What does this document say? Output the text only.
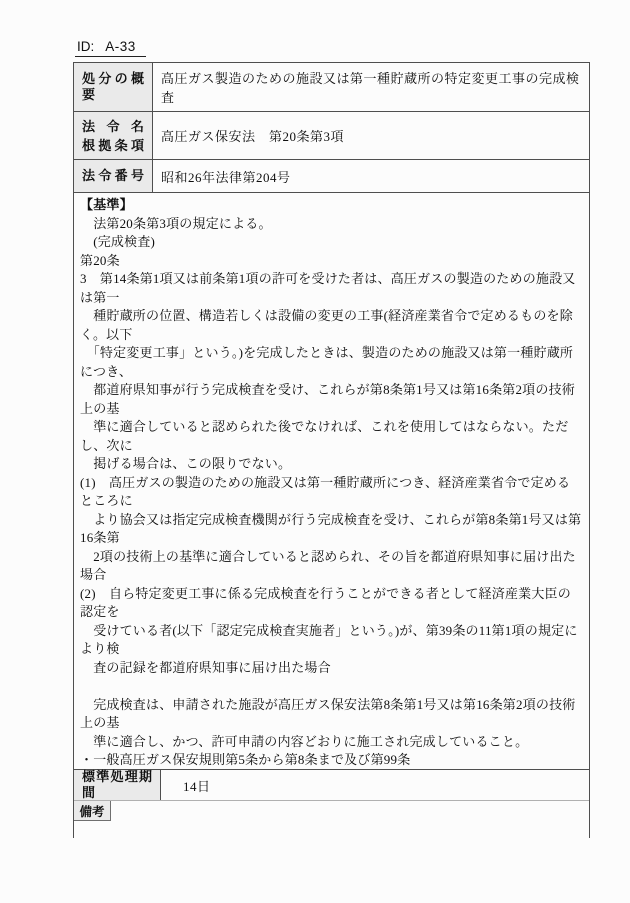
ID: A-33
処分の概要
高圧ガス製造のための施設又は第一種貯蔵所の特定変更工事の完成検査
法令名
根拠条項
高圧ガス保安法　第20条第3項
法令番号	昭和26年法律第204号
【基準】
　法第20条第3項の規定による。
　(完成検査)
第20条
3　第14条第1項又は前条第1項の許可を受けた者は、高圧ガスの製造のための施設又は第一
　種貯蔵所の位置、構造若しくは設備の変更の工事(経済産業省令で定めるものを除く。以下
　「特定変更工事」という。)を完成したときは、製造のための施設又は第一種貯蔵所につき、
　都道府県知事が行う完成検査を受け、これらが第8条第1号又は第16条第2項の技術上の基
　準に適合していると認められた後でなければ、これを使用してはならない。ただし、次に
　掲げる場合は、この限りでない。
(1)　高圧ガスの製造のための施設又は第一種貯蔵所につき、経済産業省令で定めるところに
　より協会又は指定完成検査機関が行う完成検査を受け、これらが第8条第1号又は第16条第
　2項の技術上の基準に適合していると認められ、その旨を都道府県知事に届け出た場合
(2)　自ら特定変更工事に係る完成検査を行うことができる者として経済産業大臣の認定を
　受けている者(以下「認定完成検査実施者」という。)が、第39条の11第1項の規定により検
　査の記録を都道府県知事に届け出た場合
　完成検査は、申請された施設が高圧ガス保安法第8条第1号又は第16条第2項の技術上の基
　準に適合し、かつ、許可申請の内容どおりに施工され完成していること。
・一般高圧ガス保安規則第5条から第8条まで及び第99条
標準処理期間	14日
備考
